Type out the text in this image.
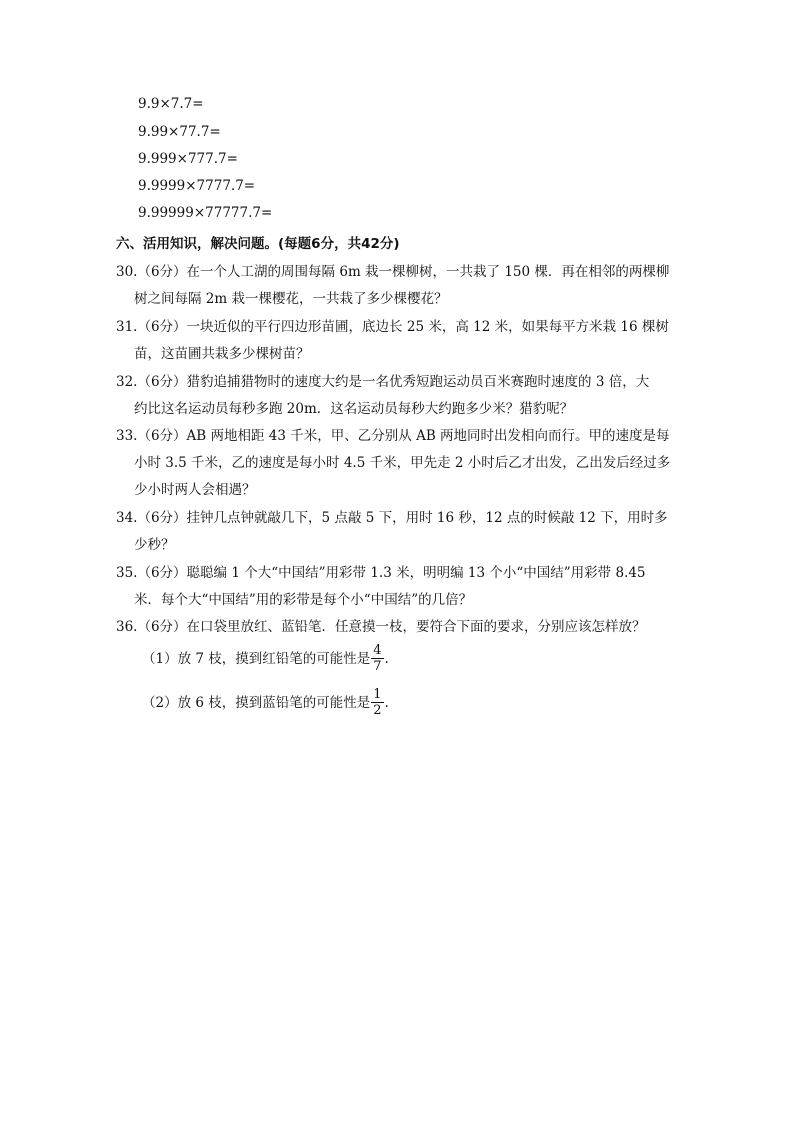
9.9×7.7=
9.99×77.7=
9.999×777.7=
9.9999×7777.7=
9.99999×77777.7=
六、活用知识，解决问题。(每题6分，共42分)
30.（6分）在一个人工湖的周围每隔 6m 栽一棵柳树，一共栽了 150 棵．再在相邻的两棵柳
树之间每隔 2m 栽一棵樱花，一共栽了多少棵樱花？
31.（6分）一块近似的平行四边形苗圃，底边长 25 米，高 12 米，如果每平方米栽 16 棵树
苗，这苗圃共栽多少棵树苗？
32.（6分）猎豹追捕猎物时的速度大约是一名优秀短跑运动员百米赛跑时速度的 3 倍，大
约比这名运动员每秒多跑 20m．这名运动员每秒大约跑多少米？猎豹呢？
33.（6分）AB 两地相距 43 千米，甲、乙分别从 AB 两地同时出发相向而行。甲的速度是每
小时 3.5 千米，乙的速度是每小时 4.5 千米，甲先走 2 小时后乙才出发，乙出发后经过多
少小时两人会相遇？
34.（6分）挂钟几点钟就敲几下，5 点敲 5 下，用时 16 秒，12 点的时候敲 12 下，用时多
少秒？
35.（6分）聪聪编 1 个大“中国结”用彩带 1.3 米，明明编 13 个小“中国结”用彩带 8.45
米．每个大“中国结”用的彩带是每个小“中国结”的几倍？
36.（6分）在口袋里放红、蓝铅笔．任意摸一枝，要符合下面的要求，分别应该怎样放？
（1）放 7 枝，摸到红铅笔的可能性是 $\frac{4}{7}$ .
（2）放 6 枝，摸到蓝铅笔的可能性是 $\frac{1}{2}$ .
